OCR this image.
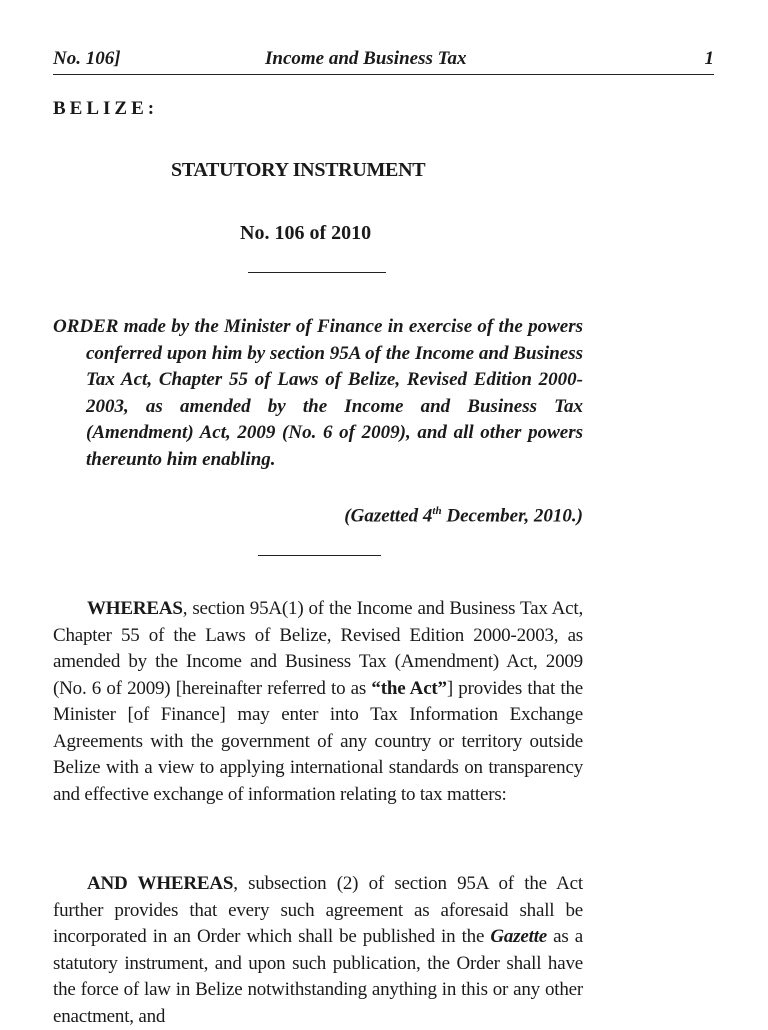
No. 106]	Income and Business Tax	1
BELIZE:
STATUTORY INSTRUMENT
No. 106 of 2010
ORDER made by the Minister of Finance in exercise of the powers conferred upon him by section 95A of the Income and Business Tax Act, Chapter 55 of Laws of Belize, Revised Edition 2000-2003, as amended by the Income and Business Tax (Amendment) Act, 2009 (No. 6 of 2009), and all other powers thereunto him enabling.
(Gazetted 4th December, 2010.)
WHEREAS, section 95A(1) of the Income and Business Tax Act, Chapter 55 of the Laws of Belize, Revised Edition 2000-2003, as amended by the Income and Business Tax (Amendment) Act, 2009 (No. 6 of 2009) [hereinafter referred to as “the Act”] provides that the Minister [of Finance] may enter into Tax Information Exchange Agreements with the government of any country or territory outside Belize with a view to applying international standards on transparency and effective exchange of information relating to tax matters:
AND WHEREAS, subsection (2) of section 95A of the Act further provides that every such agreement as aforesaid shall be incorporated in an Order which shall be published in the Gazette as a statutory instrument, and upon such publication, the Order shall have the force of law in Belize notwithstanding anything in this or any other enactment, and
